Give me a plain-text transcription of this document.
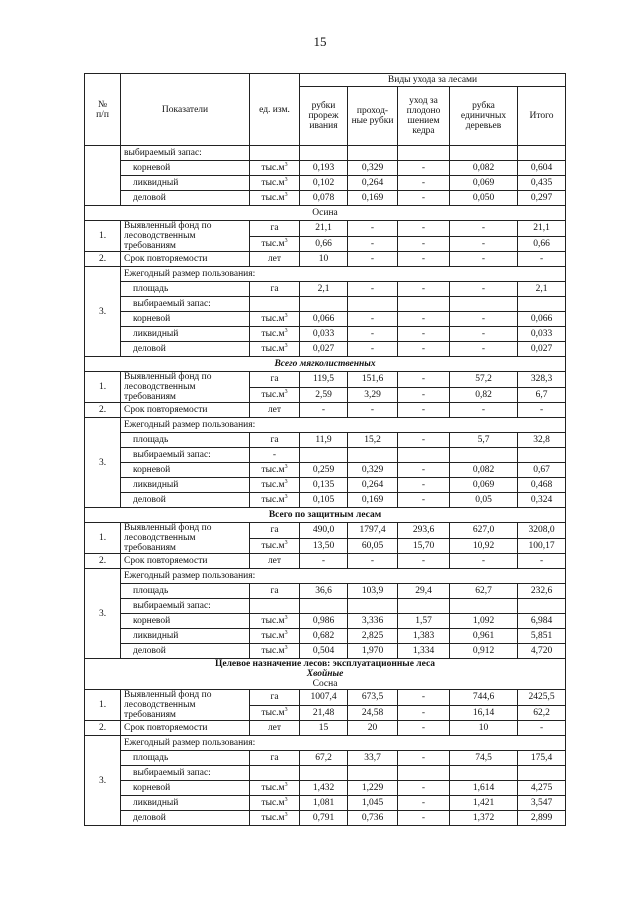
15
№
п/п	Показатели	ед. изм.	Виды ухода за лесами				
			рубки прореж ивания	проход-ные рубки	уход за плодоно шением кедра	рубка единичных деревьев	Итого
	выбираемый запас:						
	корневой	$тыс.м^3$	0,193	0,329	-	0,082	0,604
	ликвидный	$тыс.м^3$	0,102	0,264	-	0,069	0,435
	деловой	$тыс.м^3$	0,078	0,169	-	0,050	0,297
Осина							
1.	Выявленный фонд по лесоводственным требованиям	га	21,1	-	-	-	21,1
		$тыс.м^3$	0,66	-	-	-	0,66
2.	Срок повторяемости	лет	10	-	-	-	-
3.	Ежегодный размер пользования:						
	площадь	га	2,1	-	-	-	2,1
	выбираемый запас:						
	корневой	$тыс.м^3$	0,066	-	-	-	0,066
	ликвидный	$тыс.м^3$	0,033	-	-	-	0,033
	деловой	$тыс.м^3$	0,027	-	-	-	0,027
Всего мягколиственных							
1.	Выявленный фонд по лесоводственным требованиям	га	119,5	151,6	-	57,2	328,3
		$тыс.м^3$	2,59	3,29	-	0,82	6,7
2.	Срок повторяемости	лет	-	-	-	-	-
3.	Ежегодный размер пользования:						
	площадь	га	11,9	15,2	-	5,7	32,8
	выбираемый запас:	-					
	корневой	$тыс.м^3$	0,259	0,329	-	0,082	0,67
	ликвидный	$тыс.м^3$	0,135	0,264	-	0,069	0,468
	деловой	$тыс.м^3$	0,105	0,169	-	0,05	0,324
Всего по защитным лесам							
1.	Выявленный фонд по лесоводственным требованиям	га	490,0	1797,4	293,6	627,0	3208,0
		$тыс.м^3$	13,50	60,05	15,70	10,92	100,17
2.	Срок повторяемости	лет	-	-	-	-	-
3.	Ежегодный размер пользования:						
	площадь	га	36,6	103,9	29,4	62,7	232,6
	выбираемый запас:						
	корневой	$тыс.м^3$	0,986	3,336	1,57	1,092	6,984
	ликвидный	$тыс.м^3$	0,682	2,825	1,383	0,961	5,851
	деловой	$тыс.м^3$	0,504	1,970	1,334	0,912	4,720
Целевое назначение лесов: эксплуатационные леса
Хвойные
Сосна							
1.	Выявленный фонд по лесоводственным требованиям	га	1007,4	673,5	-	744,6	2425,5
		$тыс.м^3$	21,48	24,58	-	16,14	62,2
2.	Срок повторяемости	лет	15	20	-	10	-
3.	Ежегодный размер пользования:						
	площадь	га	67,2	33,7	-	74,5	175,4
	выбираемый запас:						
	корневой	$тыс.м^3$	1,432	1,229	-	1,614	4,275
	ликвидный	$тыс.м^3$	1,081	1,045	-	1,421	3,547
	деловой	$тыс.м^3$	0,791	0,736	-	1,372	2,899
